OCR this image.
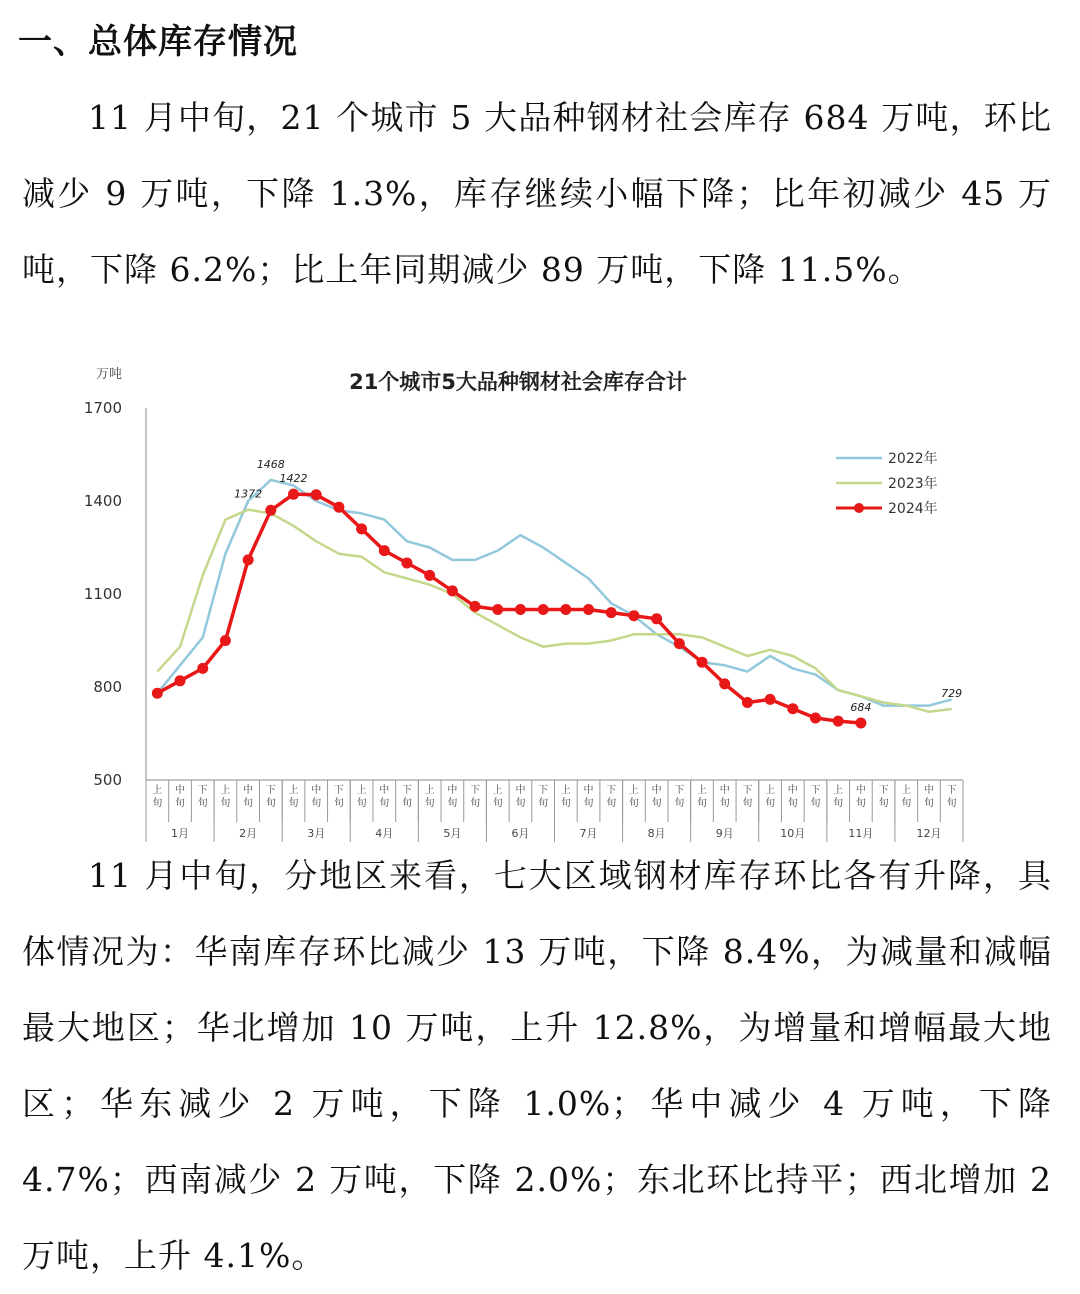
一、总体库存情况

11 月中旬，21 个城市 5 大品种钢材社会库存 684 万吨，环比减少 9 万吨，下降 1.3%，库存继续小幅下降；比年初减少 45 万吨，下降 6.2%；比上年同期减少 89 万吨，下降 11.5%。

21个城市5大品种钢材社会库存合计
万吨
500
800
1100
1400
1700
上
旬
中
旬
下
旬
上
旬
中
旬
下
旬
上
旬
中
旬
下
旬
上
旬
中
旬
下
旬
上
旬
中
旬
下
旬
上
旬
中
旬
下
旬
上
旬
中
旬
下
旬
上
旬
中
旬
下
旬
上
旬
中
旬
下
旬
上
旬
中
旬
下
旬
上
旬
中
旬
下
旬
上
旬
中
旬
下
旬
1月	2月	3月	4月	5月	6月	7月	8月	9月	10月	11月	12月
1468
1372
1422
684
729
2022年
2023年
2024年

11 月中旬，分地区来看，七大区域钢材库存环比各有升降，具体情况为：华南库存环比减少 13 万吨，下降 8.4%，为减量和减幅最大地区；华北增加 10 万吨，上升 12.8%，为增量和增幅最大地区；华东减少 2 万吨，下降 1.0%；华中减少 4 万吨，下降 4.7%；西南减少 2 万吨，下降 2.0%；东北环比持平；西北增加 2 万吨，上升 4.1%。
